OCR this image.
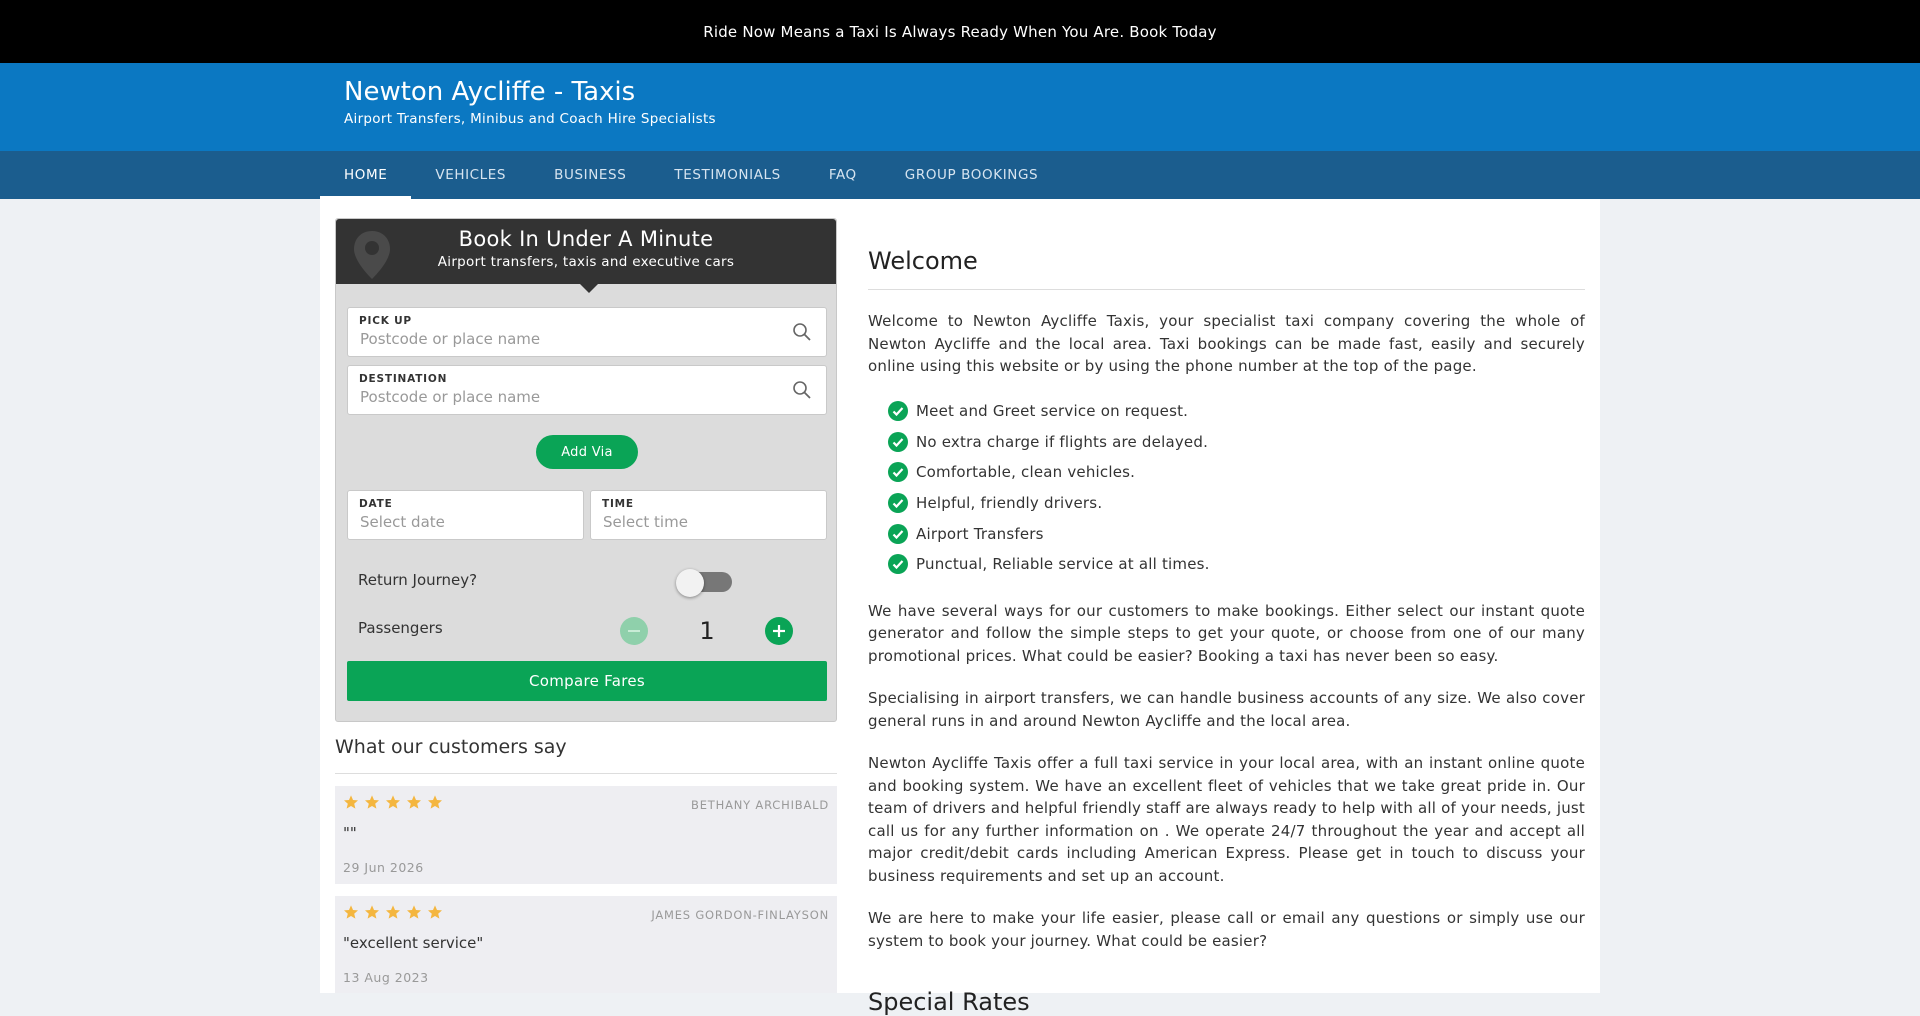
Ride Now Means a Taxi Is Always Ready When You Are. Book Today
Newton Aycliffe - Taxis
Airport Transfers, Minibus and Coach Hire Specialists
HOME	VEHICLES	BUSINESS	TESTIMONIALS	FAQ	GROUP BOOKINGS
Book In Under A Minute
Airport transfers, taxis and executive cars
PICK UP
Postcode or place name
DESTINATION
Postcode or place name
Add Via
DATE
Select date	TIME
Select time
Return Journey?
Passengers	1
Compare Fares
What our customers say
BETHANY ARCHIBALD
""
29 Jun 2026
JAMES GORDON-FINLAYSON
"excellent service"
13 Aug 2023
Welcome

Welcome to Newton Aycliffe Taxis, your specialist taxi company covering the whole of Newton Aycliffe and the local area. Taxi bookings can be made fast, easily and securely online using this website or by using the phone number at the top of the page.

Meet and Greet service on request.
No extra charge if flights are delayed.
Comfortable, clean vehicles.
Helpful, friendly drivers.
Airport Transfers
Punctual, Reliable service at all times.

We have several ways for our customers to make bookings. Either select our instant quote generator and follow the simple steps to get your quote, or choose from one of our many promotional prices. What could be easier? Booking a taxi has never been so easy.

Specialising in airport transfers, we can handle business accounts of any size. We also cover general runs in and around Newton Aycliffe and the local area.

Newton Aycliffe Taxis offer a full taxi service in your local area, with an instant online quote and booking system. We have an excellent fleet of vehicles that we take great pride in. Our team of drivers and helpful friendly staff are always ready to help with all of your needs, just call us for any further information on . We operate 24/7 throughout the year and accept all major credit/debit cards including American Express. Please get in touch to discuss your business requirements and set up an account.

We are here to make your life easier, please call or email any questions or simply use our system to book your journey. What could be easier?

Special Rates
